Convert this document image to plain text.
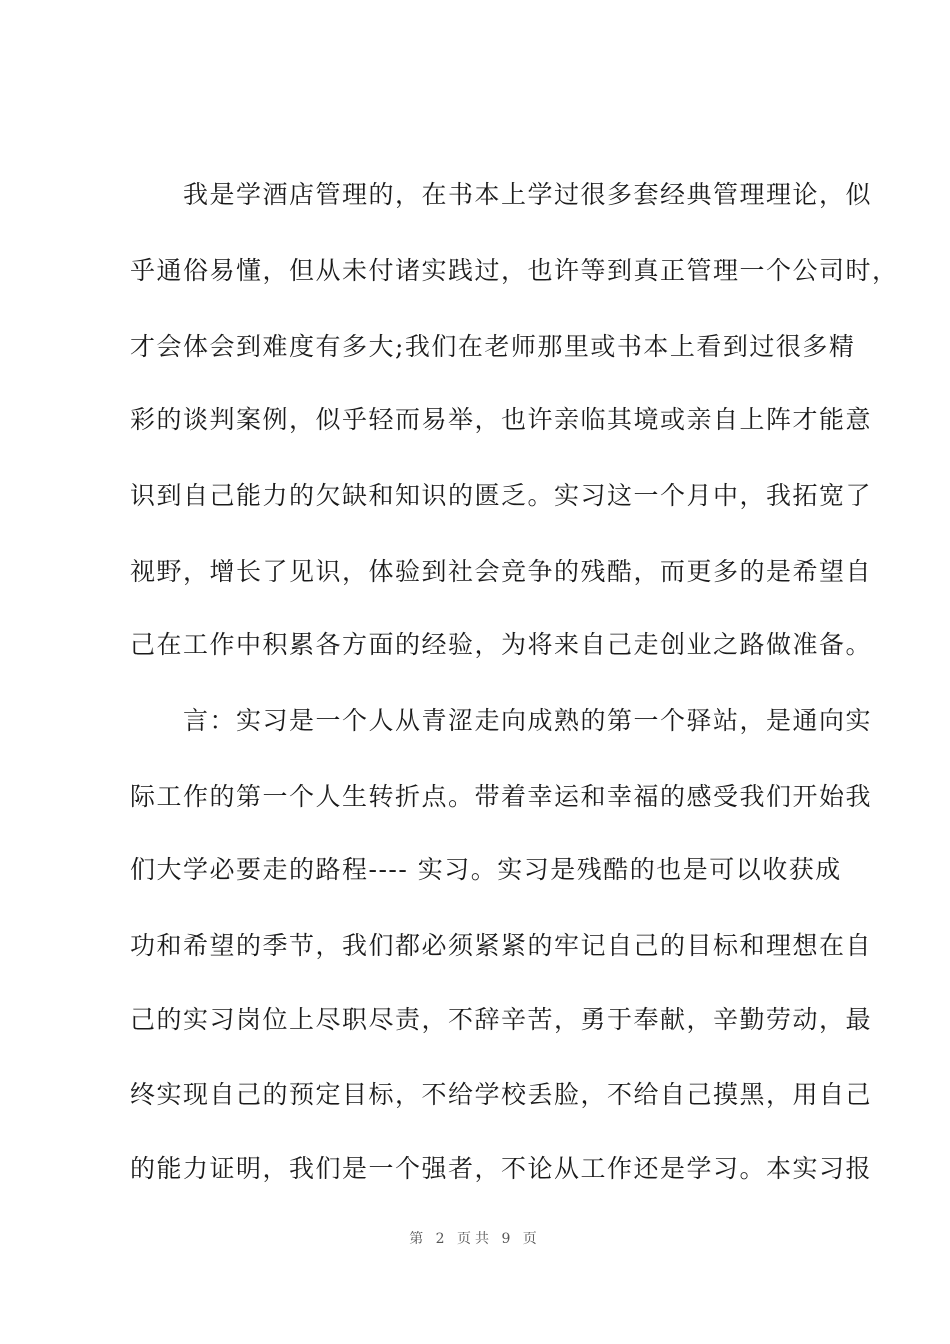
　　我是学酒店管理的，在书本上学过很多套经典管理理论，似
乎通俗易懂，但从未付诸实践过，也许等到真正管理一个公司时，
才会体会到难度有多大;我们在老师那里或书本上看到过很多精
彩的谈判案例，似乎轻而易举，也许亲临其境或亲自上阵才能意
识到自己能力的欠缺和知识的匮乏。实习这一个月中，我拓宽了
视野，增长了见识，体验到社会竞争的残酷，而更多的是希望自
己在工作中积累各方面的经验，为将来自己走创业之路做准备。
　　言：实习是一个人从青涩走向成熟的第一个驿站，是通向实
际工作的第一个人生转折点。带着幸运和幸福的感受我们开始我
们大学必要走的路程---- 实习。实习是残酷的也是可以收获成
功和希望的季节，我们都必须紧紧的牢记自己的目标和理想在自
己的实习岗位上尽职尽责，不辞辛苦，勇于奉献，辛勤劳动，最
终实现自己的预定目标，不给学校丢脸，不给自己摸黑，用自己
的能力证明，我们是一个强者，不论从工作还是学习。本实习报
第 2 页共 9 页
